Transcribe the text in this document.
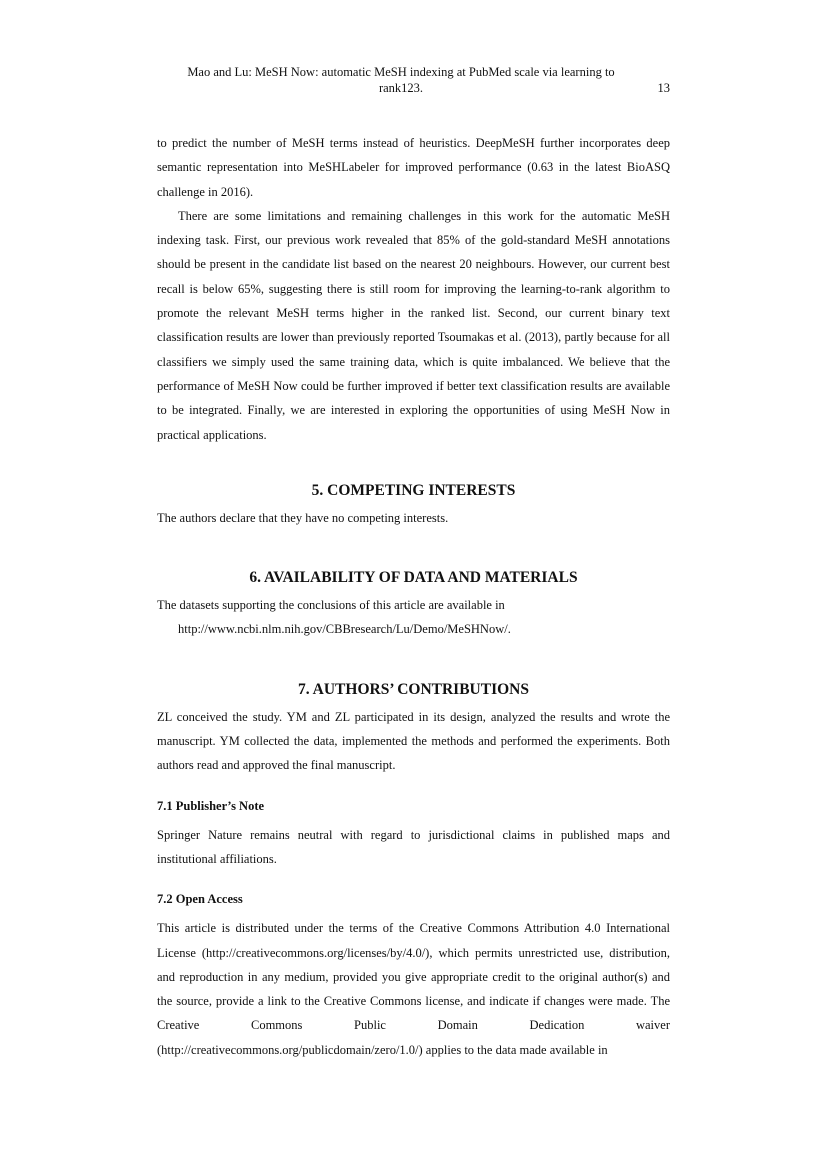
Mao and Lu: MeSH Now: automatic MeSH indexing at PubMed scale via learning to
rank123.	13

to predict the number of MeSH terms instead of heuristics. DeepMeSH further incorporates deep semantic representation into MeSHLabeler for improved performance (0.63 in the latest BioASQ challenge in 2016).

There are some limitations and remaining challenges in this work for the automatic MeSH indexing task. First, our previous work revealed that 85% of the gold-standard MeSH annotations should be present in the candidate list based on the nearest 20 neighbours. However, our current best recall is below 65%, suggesting there is still room for improving the learning-to-rank algorithm to promote the relevant MeSH terms higher in the ranked list. Second, our current binary text classification results are lower than previously reported Tsoumakas et al. (2013), partly because for all classifiers we simply used the same training data, which is quite imbalanced. We believe that the performance of MeSH Now could be further improved if better text classification results are available to be integrated. Finally, we are interested in exploring the opportunities of using MeSH Now in practical applications.

5. COMPETING INTERESTS

The authors declare that they have no competing interests.

6. AVAILABILITY OF DATA AND MATERIALS

The datasets supporting the conclusions of this article are available in

http://www.ncbi.nlm.nih.gov/CBBresearch/Lu/Demo/MeSHNow/.

7. AUTHORS’ CONTRIBUTIONS

ZL conceived the study. YM and ZL participated in its design, analyzed the results and wrote the manuscript. YM collected the data, implemented the methods and performed the experiments. Both authors read and approved the final manuscript.

7.1 Publisher’s Note

Springer Nature remains neutral with regard to jurisdictional claims in published maps and institutional affiliations.

7.2 Open Access

This article is distributed under the terms of the Creative Commons Attribution 4.0 International License (http://creativecommons.org/licenses/by/4.0/), which permits unrestricted use, distribution, and reproduction in any medium, provided you give appropriate credit to the original author(s) and the source, provide a link to the Creative Commons license, and indicate if changes were made. The Creative Commons Public Domain Dedication waiver (http://creativecommons.org/publicdomain/zero/1.0/) applies to the data made available in
